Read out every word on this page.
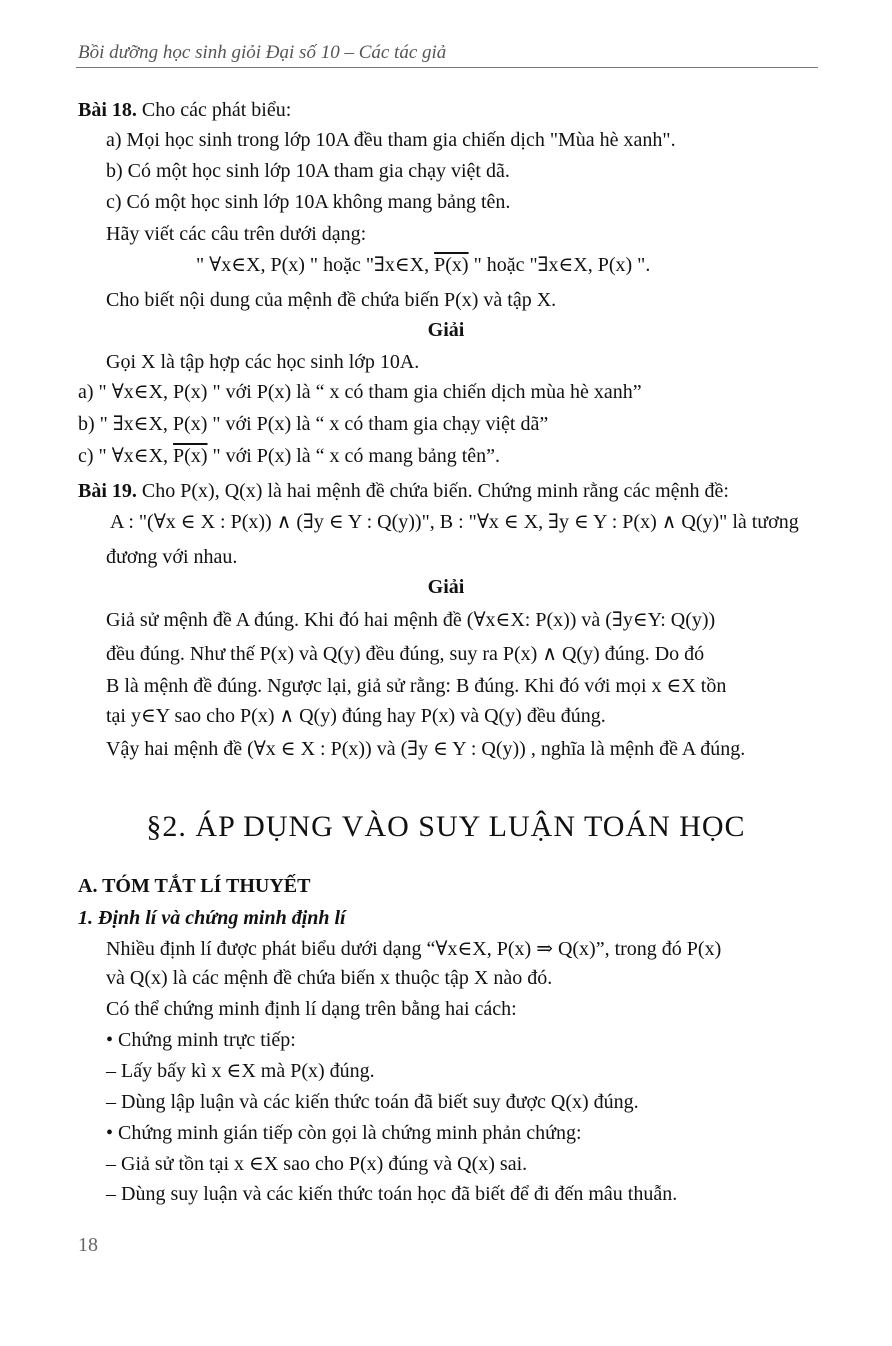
Bồi dưỡng học sinh giỏi Đại số 10 – Các tác giả
Bài 18. Cho các phát biểu:
a) Mọi học sinh trong lớp 10A đều tham gia chiến dịch "Mùa hè xanh".
b) Có một học sinh lớp 10A tham gia chạy việt dã.
c) Có một học sinh lớp 10A không mang bảng tên.
Hãy viết các câu trên dưới dạng:
" ∀x∈X, P(x) " hoặc "∃x∈X, P(x) " hoặc "∃x∈X, P(x) ".
Cho biết nội dung của mệnh đề chứa biến P(x) và tập X.
Giải
Gọi X là tập hợp các học sinh lớp 10A.
a) " ∀x∈X, P(x) " với P(x) là “ x có tham gia chiến dịch mùa hè xanh”
b) " ∃x∈X, P(x) " với P(x) là “ x có tham gia chạy việt dã”
c) " ∀x∈X, P(x) " với P(x) là “ x có mang bảng tên”.
Bài 19. Cho P(x), Q(x) là hai mệnh đề chứa biến. Chứng minh rằng các mệnh đề:
A : "(∀x ∈ X : P(x)) ∧ (∃y ∈ Y : Q(y))", B : "∀x ∈ X, ∃y ∈ Y : P(x) ∧ Q(y)" là tương
đương với nhau.
Giải
Giả sử mệnh đề A đúng. Khi đó hai mệnh đề (∀x∈X: P(x)) và (∃y∈Y: Q(y))
đều đúng. Như thế P(x) và Q(y) đều đúng, suy ra P(x) ∧ Q(y) đúng. Do đó
B là mệnh đề đúng. Ngược lại, giả sử rằng: B đúng. Khi đó với mọi x ∈X tồn
tại y∈Y sao cho P(x) ∧ Q(y) đúng hay P(x) và Q(y) đều đúng.
Vậy hai mệnh đề (∀x ∈ X : P(x)) và (∃y ∈ Y : Q(y)) , nghĩa là mệnh đề A đúng.
§2. ÁP DỤNG VÀO SUY LUẬN TOÁN HỌC
A. TÓM TẮT LÍ THUYẾT
1. Định lí và chứng minh định lí
Nhiều định lí được phát biểu dưới dạng “∀x∈X, P(x) ⇒ Q(x)”, trong đó P(x)
và Q(x) là các mệnh đề chứa biến x thuộc tập X nào đó.
Có thể chứng minh định lí dạng trên bằng hai cách:
• Chứng minh trực tiếp:
– Lấy bấy kì x ∈X mà P(x) đúng.
– Dùng lập luận và các kiến thức toán đã biết suy được Q(x) đúng.
• Chứng minh gián tiếp còn gọi là chứng minh phản chứng:
– Giả sử tồn tại x ∈X sao cho P(x) đúng và Q(x) sai.
– Dùng suy luận và các kiến thức toán học đã biết để đi đến mâu thuẫn.
18
